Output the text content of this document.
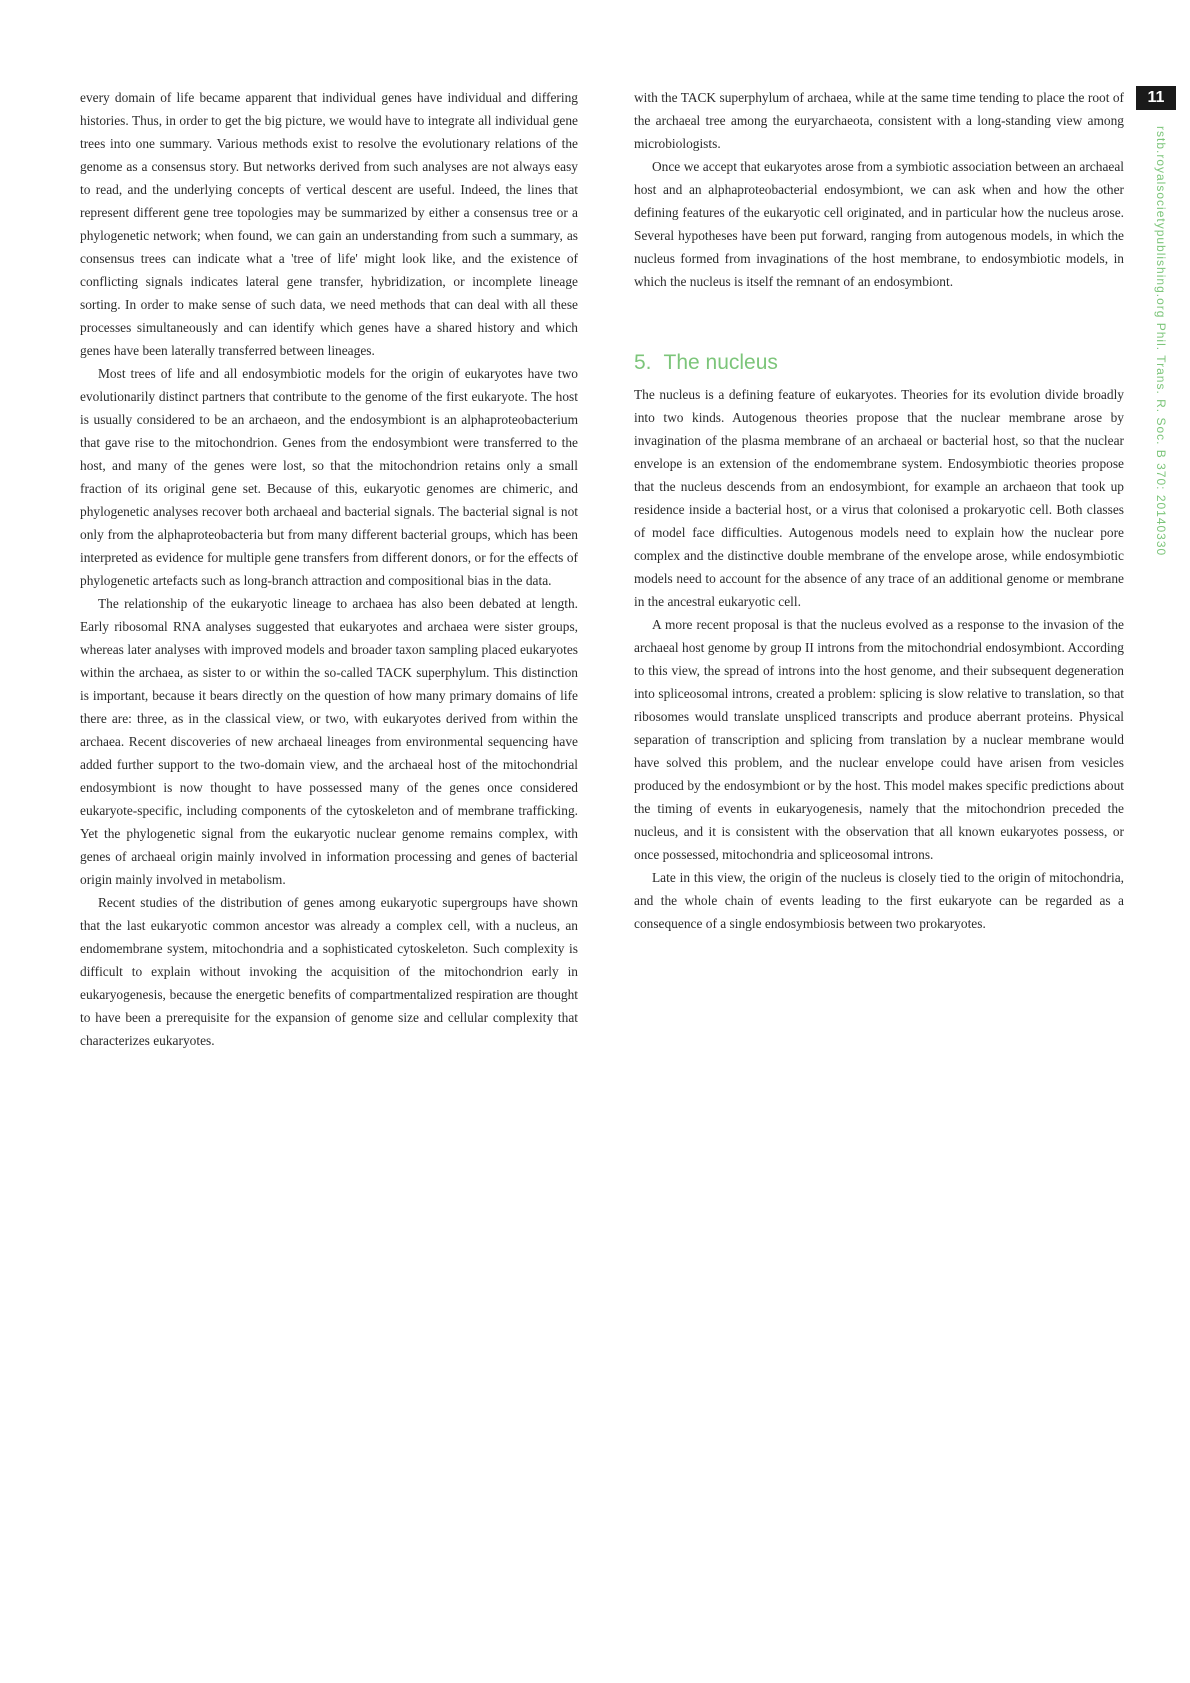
11
rstb.royalsocietypublishing.org Phil. Trans. R. Soc. B 370: 20140330

every domain of life became apparent that individual genes have individual and differing histories. Thus, in order to get the big picture, we would have to integrate all individual gene trees into one summary. Various methods exist to resolve the evolutionary relations of the genome as a consensus story. But networks derived from such analyses are not always easy to read, and the underlying concepts of vertical descent are useful. Indeed, the lines that represent different gene tree topologies may be summarized by either a consensus tree or a phylogenetic network; when found, we can gain an understanding from such a summary, as consensus trees can indicate what a 'tree of life' might look like, and the existence of conflicting signals indicates lateral gene transfer, hybridization, or incomplete lineage sorting. In order to make sense of such data, we need methods that can deal with all these processes simultaneously and can identify which genes have a shared history and which genes have been laterally transferred between lineages.

Most trees of life and all endosymbiotic models for the origin of eukaryotes have two evolutionarily distinct partners that contribute to the genome of the first eukaryote. The host is usually considered to be an archaeon, and the endosymbiont is an alphaproteobacterium that gave rise to the mitochondrion. Genes from the endosymbiont were transferred to the host, and many of the genes were lost, so that the mitochondrion retains only a small fraction of its original gene set. Because of this, eukaryotic genomes are chimeric, and phylogenetic analyses recover both archaeal and bacterial signals. The bacterial signal is not only from the alphaproteobacteria but from many different bacterial groups, which has been interpreted as evidence for multiple gene transfers from different donors, or for the effects of phylogenetic artefacts such as long-branch attraction and compositional bias in the data.

The relationship of the eukaryotic lineage to archaea has also been debated at length. Early ribosomal RNA analyses suggested that eukaryotes and archaea were sister groups, whereas later analyses with improved models and broader taxon sampling placed eukaryotes within the archaea, as sister to or within the so-called TACK superphylum. This distinction is important, because it bears directly on the question of how many primary domains of life there are: three, as in the classical view, or two, with eukaryotes derived from within the archaea. Recent discoveries of new archaeal lineages from environmental sequencing have added further support to the two-domain view, and the archaeal host of the mitochondrial endosymbiont is now thought to have possessed many of the genes once considered eukaryote-specific, including components of the cytoskeleton and of membrane trafficking. Yet the phylogenetic signal from the eukaryotic nuclear genome remains complex, with genes of archaeal origin mainly involved in information processing and genes of bacterial origin mainly involved in metabolism.

Recent studies of the distribution of genes among eukaryotic supergroups have shown that the last eukaryotic common ancestor was already a complex cell, with a nucleus, an endomembrane system, mitochondria and a sophisticated cytoskeleton. Such complexity is difficult to explain without invoking the acquisition of the mitochondrion early in eukaryogenesis, because the energetic benefits of compartmentalized respiration are thought to have been a prerequisite for the expansion of genome size and cellular complexity that characterizes eukaryotes.

with the TACK superphylum of archaea, while at the same time tending to place the root of the archaeal tree among the euryarchaeota, consistent with a long-standing view among microbiologists.

Once we accept that eukaryotes arose from a symbiotic association between an archaeal host and an alphaproteobacterial endosymbiont, we can ask when and how the other defining features of the eukaryotic cell originated, and in particular how the nucleus arose. Several hypotheses have been put forward, ranging from autogenous models, in which the nucleus formed from invaginations of the host membrane, to endosymbiotic models, in which the nucleus is itself the remnant of an endosymbiont.

5. The nucleus

The nucleus is a defining feature of eukaryotes. Theories for its evolution divide broadly into two kinds. Autogenous theories propose that the nuclear membrane arose by invagination of the plasma membrane of an archaeal or bacterial host, so that the nuclear envelope is an extension of the endomembrane system. Endosymbiotic theories propose that the nucleus descends from an endosymbiont, for example an archaeon that took up residence inside a bacterial host, or a virus that colonised a prokaryotic cell. Both classes of model face difficulties. Autogenous models need to explain how the nuclear pore complex and the distinctive double membrane of the envelope arose, while endosymbiotic models need to account for the absence of any trace of an additional genome or membrane in the ancestral eukaryotic cell.

A more recent proposal is that the nucleus evolved as a response to the invasion of the archaeal host genome by group II introns from the mitochondrial endosymbiont. According to this view, the spread of introns into the host genome, and their subsequent degeneration into spliceosomal introns, created a problem: splicing is slow relative to translation, so that ribosomes would translate unspliced transcripts and produce aberrant proteins. Physical separation of transcription and splicing from translation by a nuclear membrane would have solved this problem, and the nuclear envelope could have arisen from vesicles produced by the endosymbiont or by the host. This model makes specific predictions about the timing of events in eukaryogenesis, namely that the mitochondrion preceded the nucleus, and it is consistent with the observation that all known eukaryotes possess, or once possessed, mitochondria and spliceosomal introns.

Late in this view, the origin of the nucleus is closely tied to the origin of mitochondria, and the whole chain of events leading to the first eukaryote can be regarded as a consequence of a single endosymbiosis between two prokaryotes.
